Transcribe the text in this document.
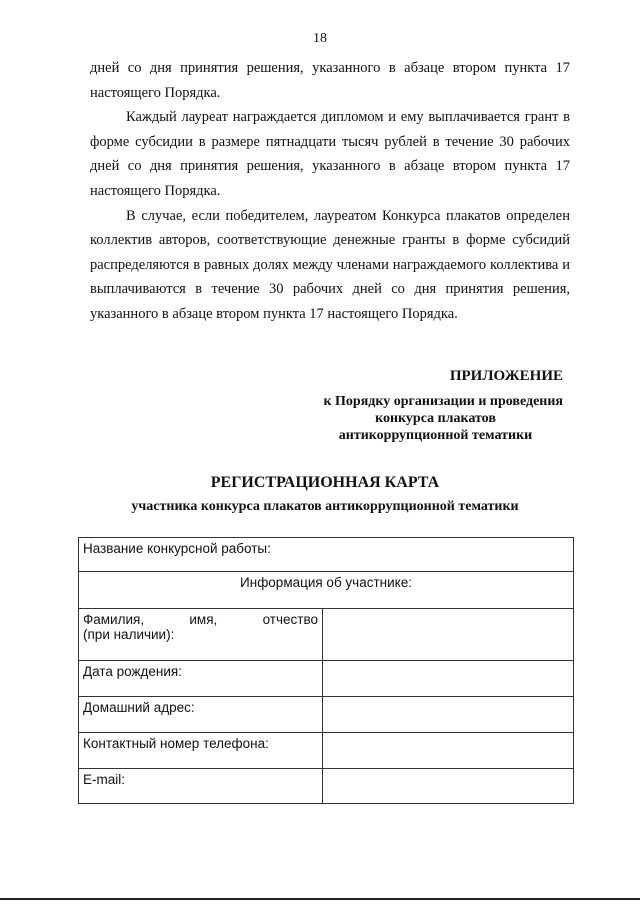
18

дней со дня принятия решения, указанного в абзаце втором пункта 17 настоящего Порядка.

Каждый лауреат награждается дипломом и ему выплачивается грант в форме субсидии в размере пятнадцати тысяч рублей в течение 30 рабочих дней со дня принятия решения, указанного в абзаце втором пункта 17 настоящего Порядка.

В случае, если победителем, лауреатом Конкурса плакатов определен коллектив авторов, соответствующие денежные гранты в форме субсидий распределяются в равных долях между членами награждаемого коллектива и выплачиваются в течение 30 рабочих дней со дня принятия решения, указанного в абзаце втором пункта 17 настоящего Порядка.

ПРИЛОЖЕНИЕ
к Порядку организации и проведения
конкурса плакатов
антикоррупционной тематики
РЕГИСТРАЦИОННАЯ КАРТА
участника конкурса плакатов антикоррупционной тематики
Название конкурсной работы:	
Информация об участнике:	

Фамилия, имя, отчество
(при наличии):	

Дата рождения:	
Домашний адрес:	
Контактный номер телефона:	
E-mail:	
